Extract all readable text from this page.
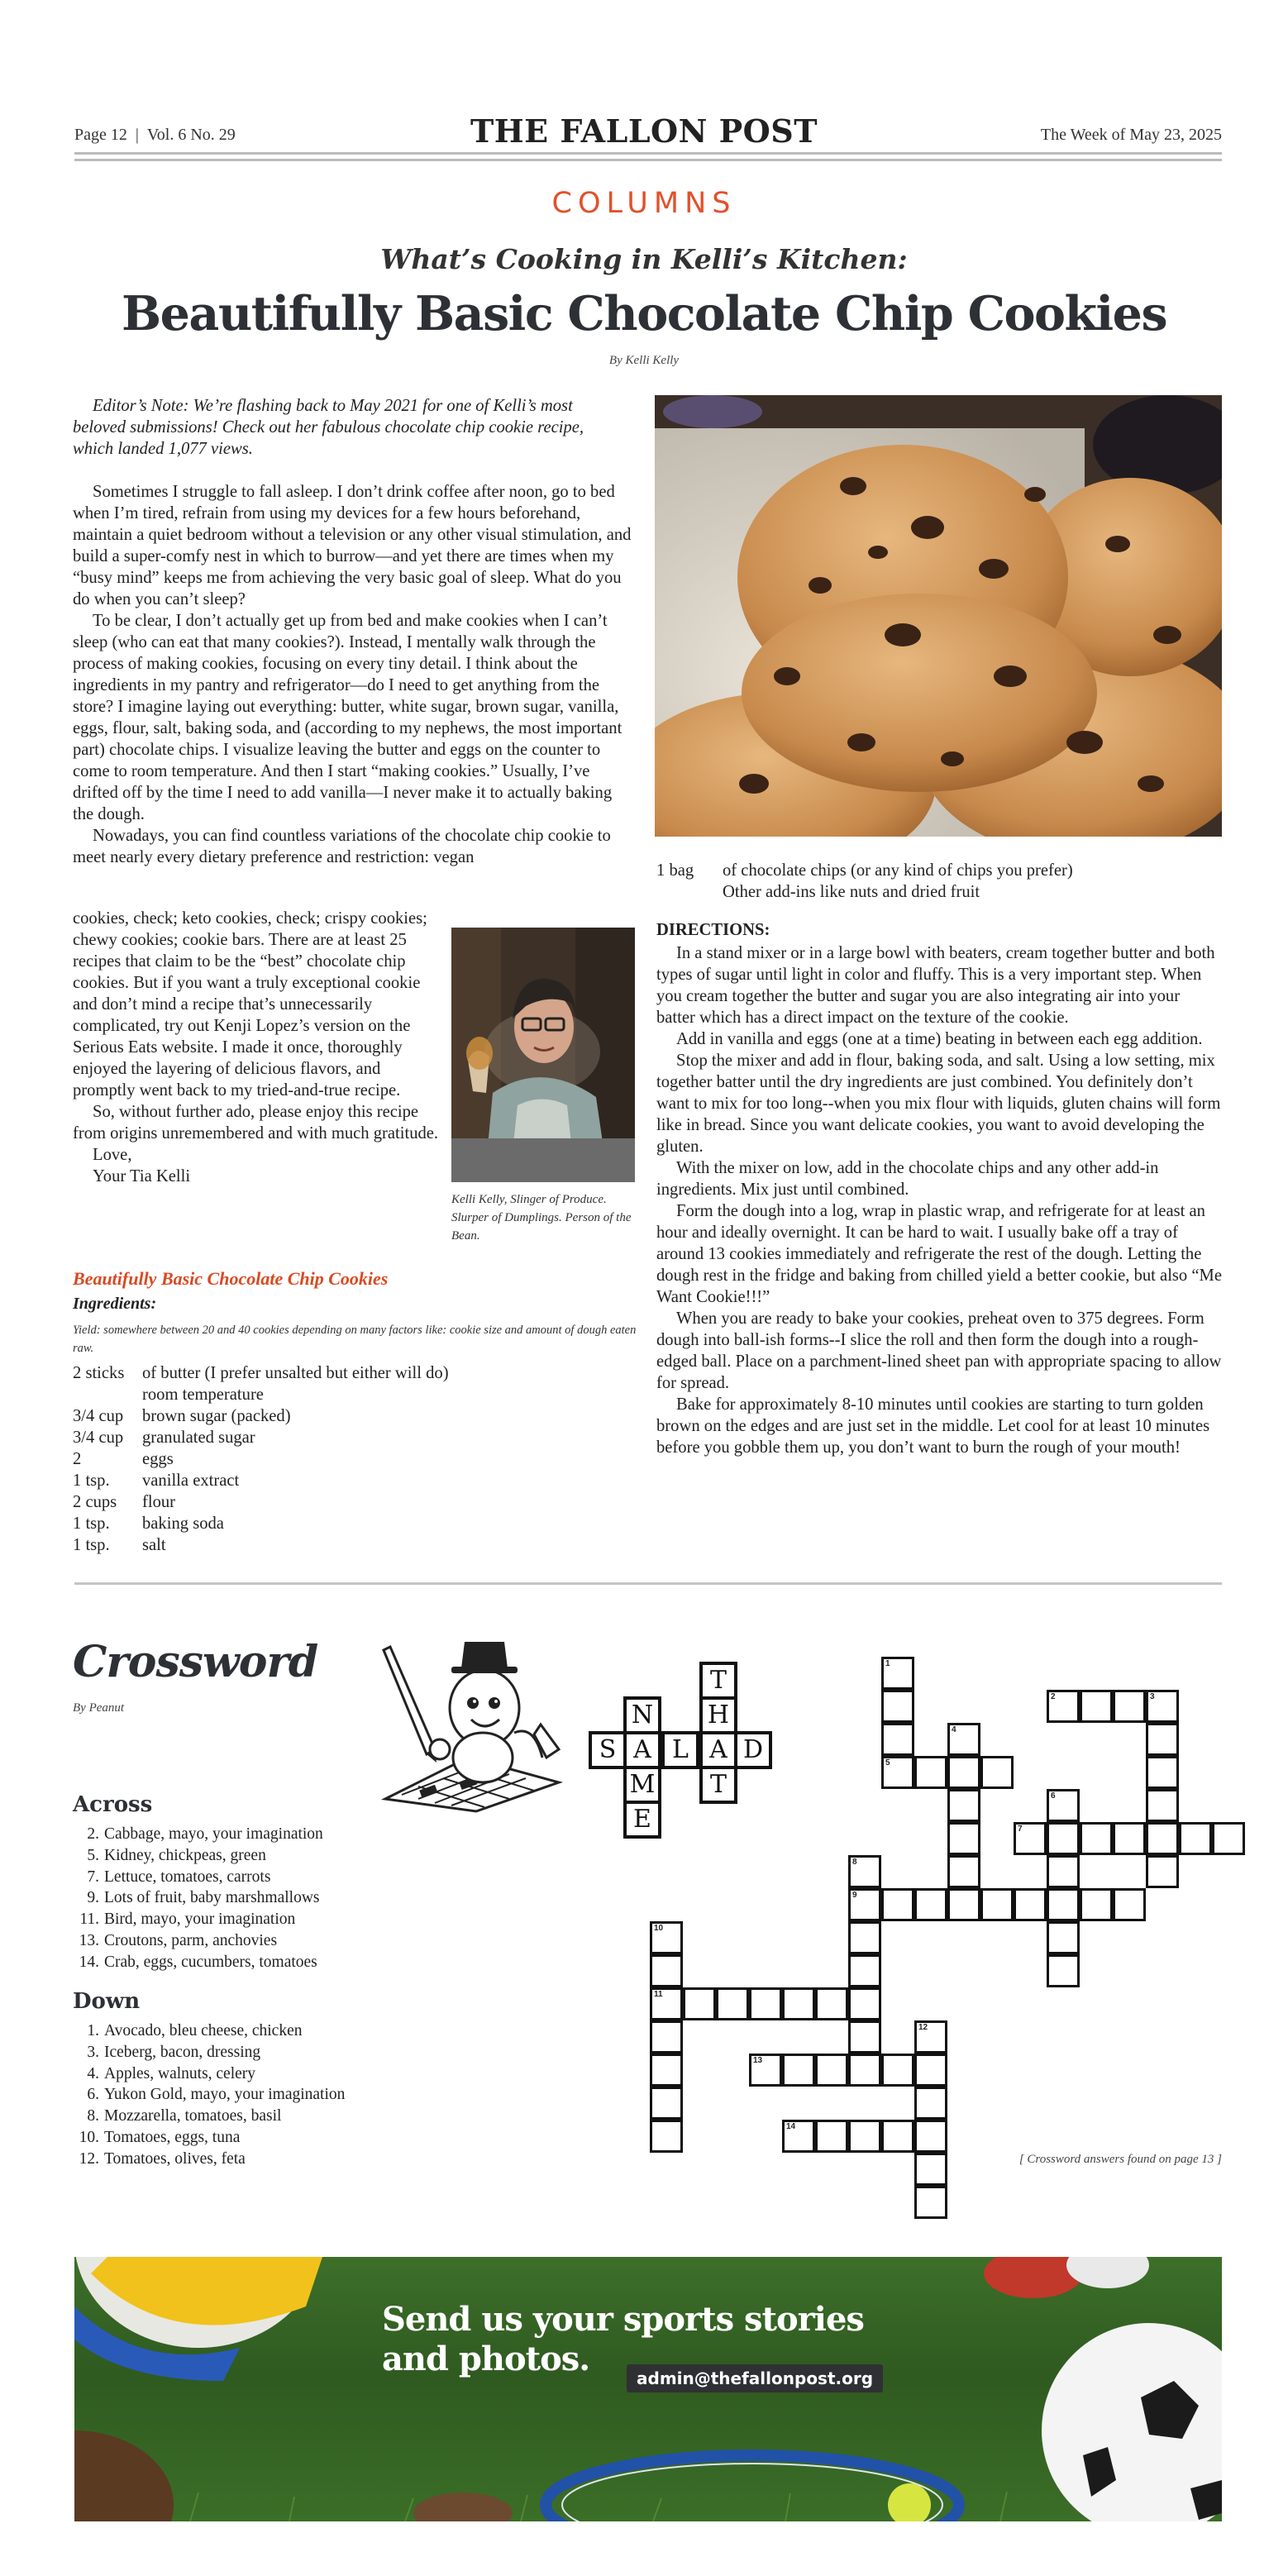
Page 12 | Vol. 6 No. 29	THE FALLON POST	The Week of May 23, 2025
COLUMNS
What’s Cooking in Kelli’s Kitchen:
Beautifully Basic Chocolate Chip Cookies
By Kelli Kelly

Editor’s Note: We’re flashing back to May 2021 for one of Kelli’s most beloved submissions! Check out her fabulous chocolate chip cookie recipe, which landed 1,077 views.

Sometimes I struggle to fall asleep. I don’t drink coffee after noon, go to bed when I’m tired, refrain from using my devices for a few hours beforehand, maintain a quiet bedroom without a television or any other visual stimulation, and build a super-comfy nest in which to burrow—and yet there are times when my “busy mind” keeps me from achieving the very basic goal of sleep. What do you do when you can’t sleep?

To be clear, I don’t actually get up from bed and make cookies when I can’t sleep (who can eat that many cookies?). Instead, I mentally walk through the process of making cookies, focusing on every tiny detail. I think about the ingredients in my pantry and refrigerator—do I need to get anything from the store? I imagine laying out everything: butter, white sugar, brown sugar, vanilla, eggs, flour, salt, baking soda, and (according to my nephews, the most important part) chocolate chips. I visualize leaving the butter and eggs on the counter to come to room temperature. And then I start “making cookies.” Usually, I’ve drifted off by the time I need to add vanilla—I never make it to actually baking the dough.

Nowadays, you can find countless variations of the chocolate chip cookie to meet nearly every dietary preference and restriction: vegan

cookies, check; keto cookies, check; crispy cookies; chewy cookies; cookie bars. There are at least 25 recipes that claim to be the “best” chocolate chip cookies. But if you want a truly exceptional cookie and don’t mind a recipe that’s unnecessarily complicated, try out Kenji Lopez’s version on the Serious Eats website. I made it once, thoroughly enjoyed the layering of delicious flavors, and promptly went back to my tried-and-true recipe.

So, without further ado, please enjoy this recipe from origins unremembered and with much gratitude.

Love,

Your Tia Kelli

Kelli Kelly, Slinger of Produce. Slurper of Dumplings. Person of the Bean.
Beautifully Basic Chocolate Chip Cookies
Ingredients:
Yield: somewhere between 20 and 40 cookies depending on many factors like: cookie size and amount of dough eaten raw.
2 sticks	of butter (I prefer unsalted but either will do)
room temperature
3/4 cup	brown sugar (packed)
3/4 cup	granulated sugar
2	eggs
1 tsp.	vanilla extract
2 cups	flour
1 tsp.	baking soda
1 tsp.	salt
1 bag	of chocolate chips (or any kind of chips you prefer)
Other add-ins like nuts and dried fruit
DIRECTIONS:

In a stand mixer or in a large bowl with beaters, cream together butter and both types of sugar until light in color and fluffy. This is a very important step. When you cream together the butter and sugar you are also integrating air into your batter which has a direct impact on the texture of the cookie.

Add in vanilla and eggs (one at a time) beating in between each egg addition.

Stop the mixer and add in flour, baking soda, and salt. Using a low setting, mix together batter until the dry ingredients are just combined. You definitely don’t want to mix for too long--when you mix flour with liquids, gluten chains will form like in bread. Since you want delicate cookies, you want to avoid developing the gluten.

With the mixer on low, add in the chocolate chips and any other add-in ingredients. Mix just until combined.

Form the dough into a log, wrap in plastic wrap, and refrigerate for at least an hour and ideally overnight. It can be hard to wait. I usually bake off a tray of around 13 cookies immediately and refrigerate the rest of the dough. Letting the dough rest in the fridge and baking from chilled yield a better cookie, but also “Me Want Cookie!!!”

When you are ready to bake your cookies, preheat oven to 375 degrees. Form dough into ball-ish forms--I slice the roll and then form the dough into a rough-edged ball. Place on a parchment-lined sheet pan with appropriate spacing to allow for spread.

Bake for approximately 8-10 minutes until cookies are starting to turn golden brown on the edges and are just set in the middle. Let cool for at least 10 minutes before you gobble them up, you don’t want to burn the rough of your mouth!

Crossword
By Peanut
T
H
N
S A L A D
M	T
E
Across
2. Cabbage, mayo, your imagination
5. Kidney, chickpeas, green
7. Lettuce, tomatoes, carrots
9. Lots of fruit, baby marshmallows
11. Bird, mayo, your imagination
13. Croutons, parm, anchovies
14. Crab, eggs, cucumbers, tomatoes
Down
1. Avocado, bleu cheese, chicken
3. Iceberg, bacon, dressing
4. Apples, walnuts, celery
6. Yukon Gold, mayo, your imagination
8. Mozzarella, tomatoes, basil
10. Tomatoes, eggs, tuna
12. Tomatoes, olives, feta
1
5
4
2	3
7
6
9
8
10
11
12
13
14
[ Crossword answers found on page 13 ]
Send us your sports stories
and photos.	admin@thefallonpost.org
